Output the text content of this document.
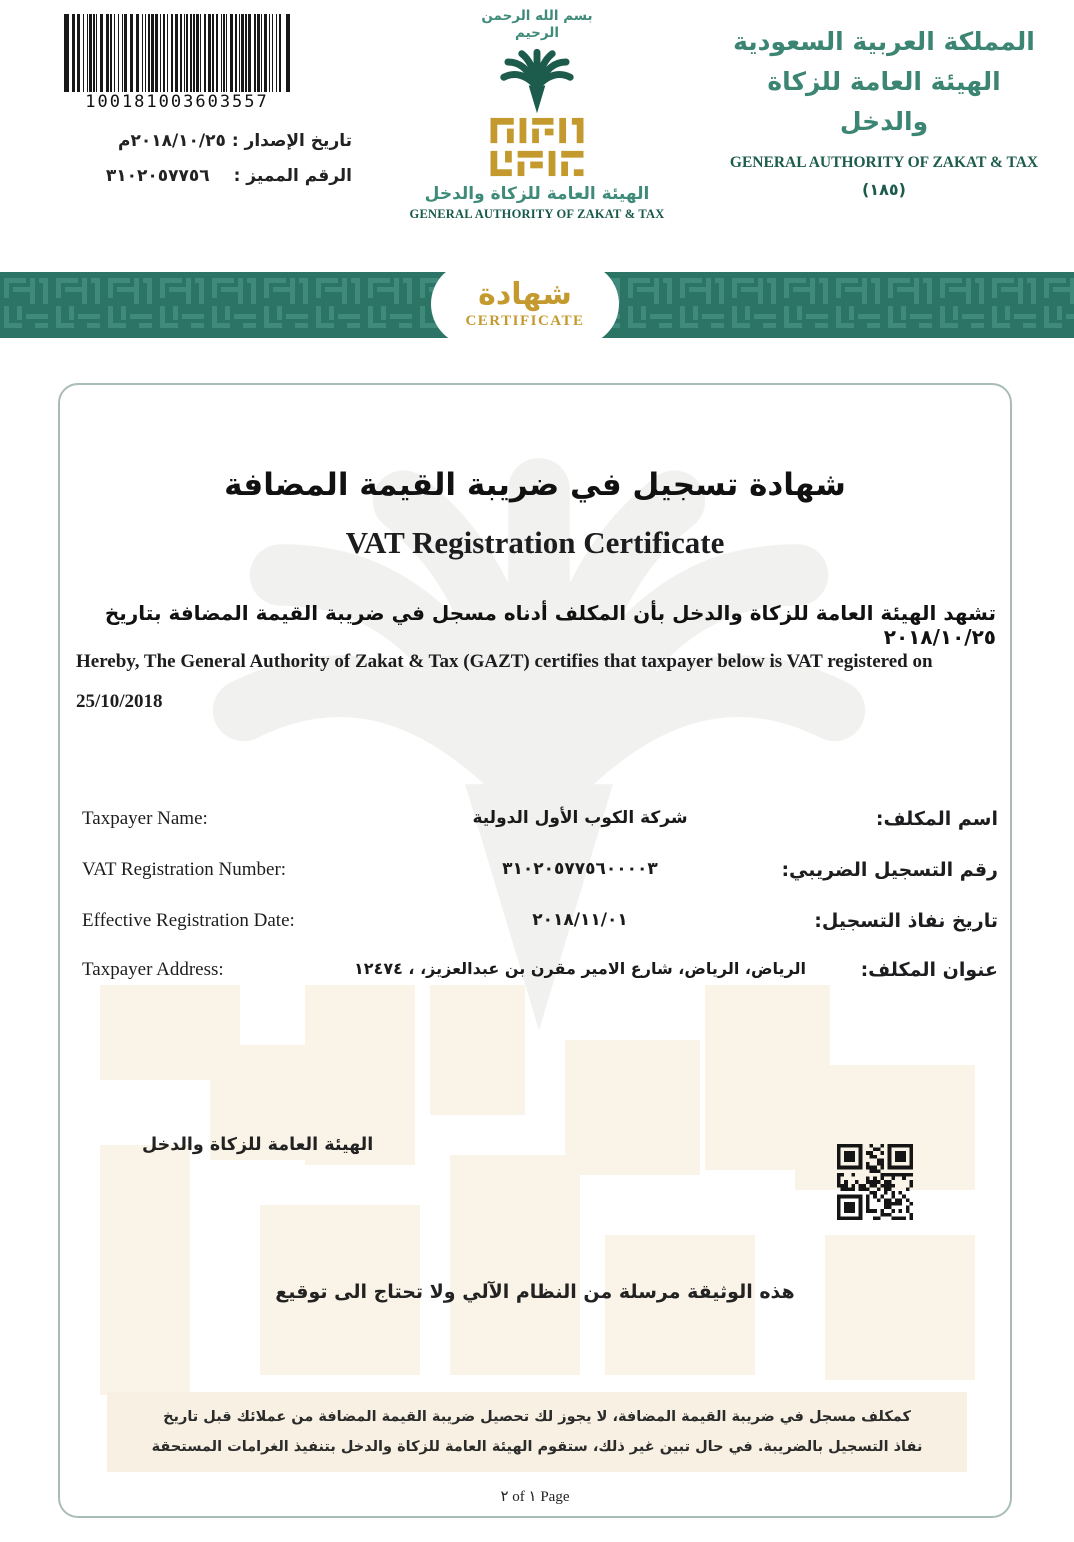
100181003603557
تاريخ الإصدار : ٢٠١٨/١٠/٢٥م
الرقم المميز :٣١٠٢٠٥٧٧٥٦
بسم الله الرحمن الرحيم
الهيئة العامة للزكاة والدخل
GENERAL AUTHORITY OF ZAKAT & TAX
المملكة العربية السعودية
الهيئة العامة للزكاة والدخل
GENERAL AUTHORITY OF ZAKAT & TAX
(١٨٥)
شهادة
CERTIFICATE
شهادة تسجيل في ضريبة القيمة المضافة
VAT Registration Certificate
تشهد الهيئة العامة للزكاة والدخل بأن المكلف أدناه مسجل في ضريبة القيمة المضافة بتاريخ ٢٠١٨/١٠/٢٥
Hereby, The General Authority of Zakat & Tax (GAZT) certifies that taxpayer below is VAT registered on
25/10/2018
Taxpayer Name:	شركة الكوب الأول الدولية	اسم المكلف:
VAT Registration Number:	٣١٠٢٠٥٧٧٥٦٠٠٠٠٣	رقم التسجيل الضريبي:
Effective Registration Date:	٢٠١٨/١١/٠١	تاريخ نفاذ التسجيل:
Taxpayer Address:	الرياض، الرياض، شارع الامير مقرن بن عبدالعزيز، ، ١٢٤٧٤	عنوان المكلف:
الهيئة العامة للزكاة والدخل
هذه الوثيقة مرسلة من النظام الآلي ولا تحتاج الى توقيع
كمكلف مسجل في ضريبة القيمة المضافة، لا يجوز لك تحصيل ضريبة القيمة المضافة من عملائك قبل تاريخ نفاذ التسجيل بالضريبة. في حال تبين غير ذلك، ستقوم الهيئة العامة للزكاة والدخل بتنفيذ الغرامات المستحقة
٢ of ١ Page
